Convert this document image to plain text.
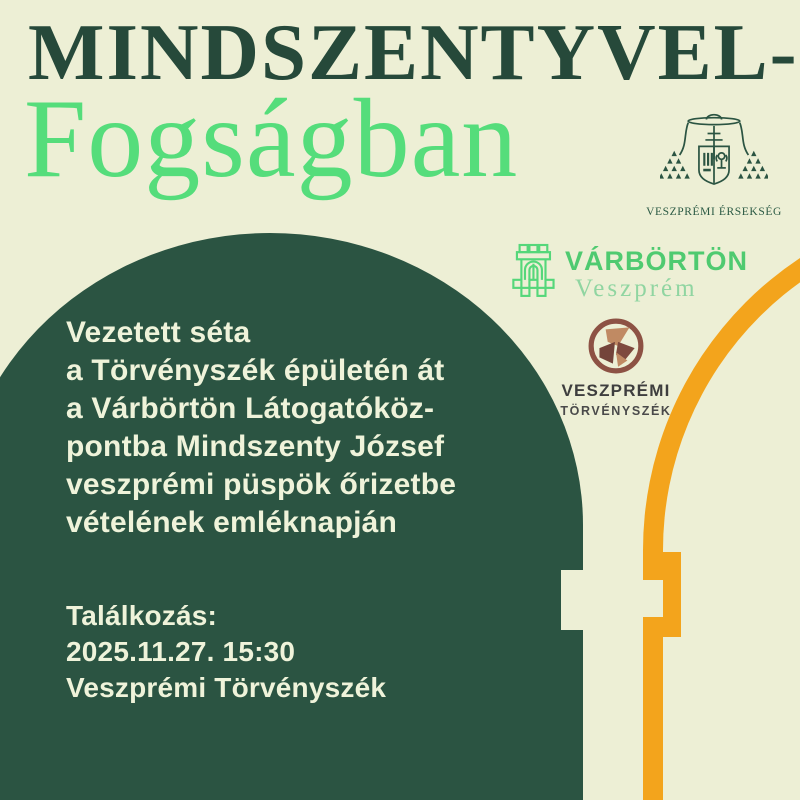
MINDSZENTYVEL-
Fogságban
VESZPRÉMI ÉRSEKSÉG
VÁRBÖRTÖN
Veszprém
VESZPRÉMI
TÖRVÉNYSZÉK
Vezetett séta
a Törvényszék épületén át
a Várbörtön Látogatóköz-
pontba Mindszenty József
veszprémi püspök őrizetbe
vételének emléknapján
Találkozás:
2025.11.27. 15:30
Veszprémi Törvényszék
